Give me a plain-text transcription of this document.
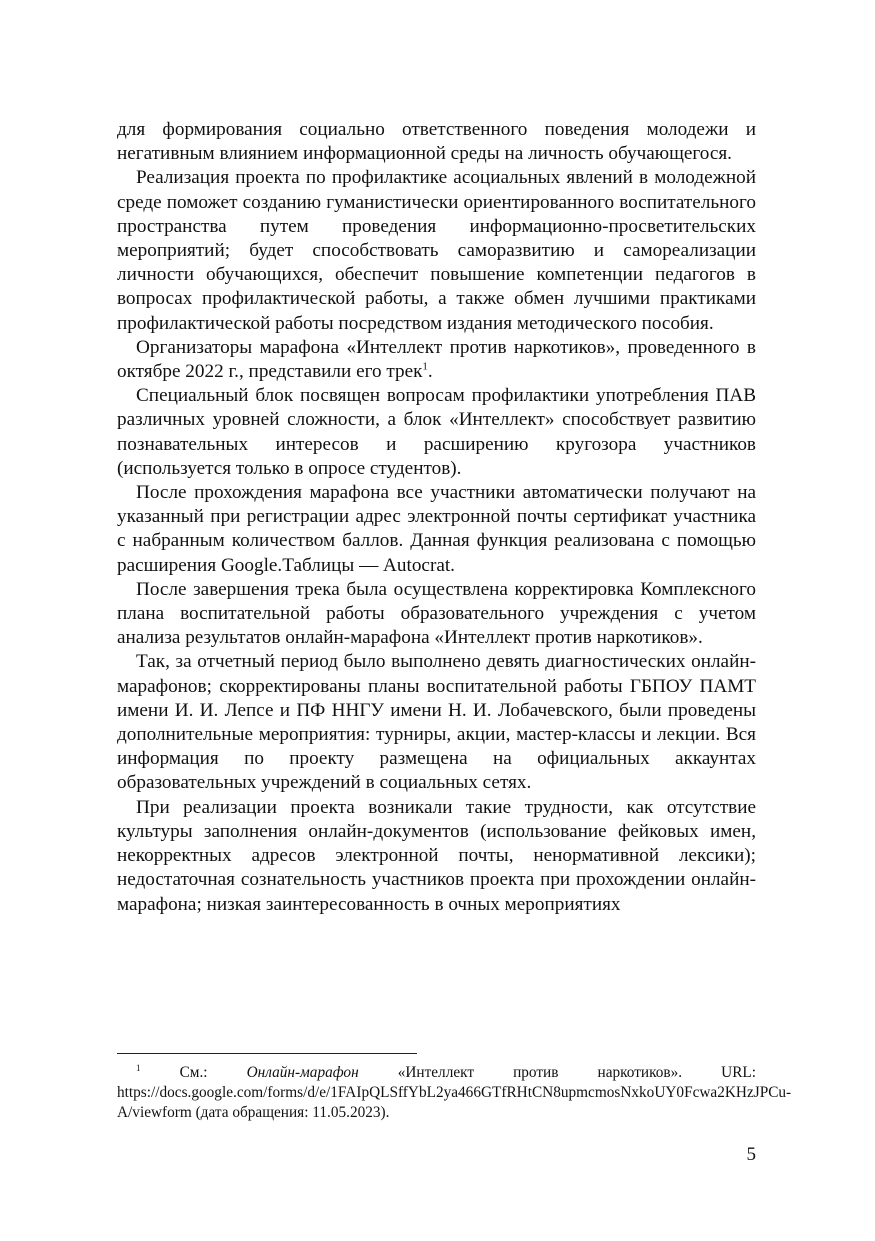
для формирования социально ответственного поведения молодежи и негативным влиянием информационной среды на личность обучающегося.

Реализация проекта по профилактике асоциальных явлений в молодежной среде поможет созданию гуманистически ориентированного воспитательного пространства путем проведения информационно-просветительских мероприятий; будет способствовать саморазвитию и самореализации личности обучающихся, обеспечит повышение компетенции педагогов в вопросах профилактической работы, а также обмен лучшими практиками профилактической работы посредством издания методического пособия.

Организаторы марафона «Интеллект против наркотиков», проведенного в октябре 2022 г., представили его трек$^1$.

Специальный блок посвящен вопросам профилактики употребления ПАВ различных уровней сложности, а блок «Интеллект» способствует развитию познавательных интересов и расширению кругозора участников (используется только в опросе студентов).

После прохождения марафона все участники автоматически получают на указанный при регистрации адрес электронной почты сертификат участника с набранным количеством баллов. Данная функция реализована с помощью расширения Google.Таблицы — Autocrat.

После завершения трека была осуществлена корректировка Комплексного плана воспитательной работы образовательного учреждения с учетом анализа результатов онлайн-марафона «Интеллект против наркотиков».

Так, за отчетный период было выполнено девять диагностических онлайн-марафонов; скорректированы планы воспитательной работы ГБПОУ ПАМТ имени И. И. Лепсе и ПФ ННГУ имени Н. И. Лобачевского, были проведены дополнительные мероприятия: турниры, акции, мастер-классы и лекции. Вся информация по проекту размещена на официальных аккаунтах образовательных учреждений в социальных сетях.

При реализации проекта возникали такие трудности, как отсутствие культуры заполнения онлайн-документов (использование фейковых имен, некорректных адресов электронной почты, ненормативной лексики); недостаточная сознательность участников проекта при прохождении онлайн-марафона; низкая заинтересованность в очных мероприятиях

$^1$	См.: Онлайн-марафон «Интеллект против наркотиков». URL: https://docs.google.com/forms/d/e/1FAIpQLSffYbL2ya466GTfRHtCN8upmcmosNxkoUY0Fcwa2KHzJPCu-A/viewform (дата обращения: 11.05.2023).

5
